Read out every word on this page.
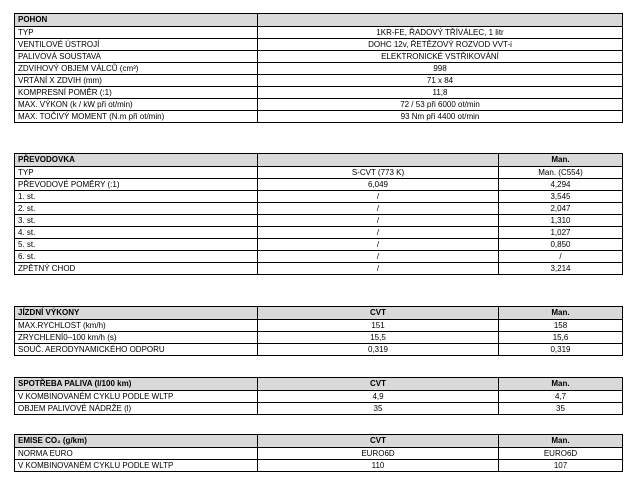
POHON	
TYP	1KR-FE, ŘADOVÝ TŘÍVÁLEC, 1 litr
VENTILOVÉ ÚSTROJÍ	DOHC 12v, ŘETĚZOVÝ ROZVOD VVT-i
PALIVOVÁ SOUSTAVA	ELEKTRONICKÉ VSTŘIKOVÁNÍ
ZDVIHOVÝ OBJEM VÁLCŮ (cm³)	998
VRTÁNÍ X ZDVIH (mm)	71 x 84
KOMPRESNÍ POMĚR (:1)	11,8
MAX. VÝKON (k / kW při ot/min)	72 / 53 při 6000 ot/min
MAX. TOČIVÝ MOMENT (N.m při ot/min)	93 Nm při 4400 ot/min
PŘEVODOVKA		Man.
TYP	S-CVT (773 K)	Man. (C554)
PŘEVODOVÉ POMĚRY (:1)	6,049	4,294
1. st.	/	3,545
2. st.	/	2,047
3. st.	/	1,310
4. st.	/	1,027
5. st.	/	0,850
6. st.	/	/
ZPĚTNÝ CHOD	/	3,214
JÍZDNÍ VÝKONY	CVT	Man.
MAX.RYCHLOST (km/h)	151	158
ZRYCHLENÍ0–100 km/h (s)	15,5	15,6
SOUČ. AERODYNAMICKÉHO ODPORU	0,319	0,319
SPOTŘEBA PALIVA (l/100 km)	CVT	Man.
V KOMBINOVANÉM CYKLU PODLE WLTP	4,9	4,7
OBJEM PALIVOVÉ NÁDRŽE (l)	35	35
EMISE CO₂ (g/km)	CVT	Man.
NORMA EURO	EURO6D	EURO6D
V KOMBINOVANÉM CYKLU PODLE WLTP	110	107
